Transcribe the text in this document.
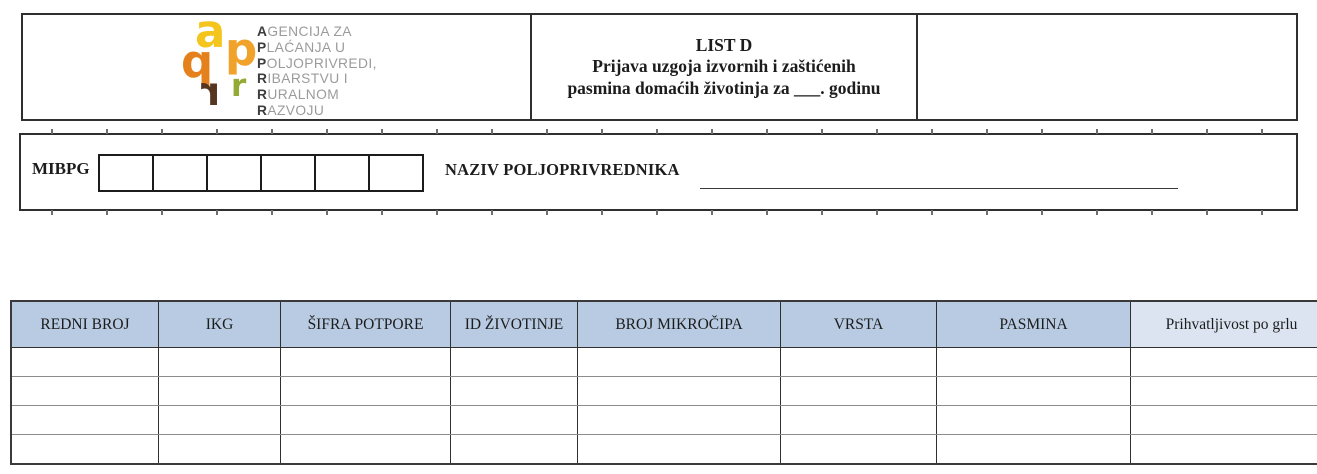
a p
q r
r
AGENCIJA ZA
PLAĆANJA U
POLJOPRIVREDI,
RIBARSTVU I
RURALNOM
RAZVOJU
LIST D
Prijava uzgoja izvornih i zaštićenih
pasmina domaćih životinja za ___. godinu
MIBPG	NAZIV POLJOPRIVREDNIKA
REDNI BROJ	IKG	ŠIFRA POTPORE	ID ŽIVOTINJE	BROJ MIKROČIPA	VRSTA	PASMINA	Prihvatljivost po grlu
